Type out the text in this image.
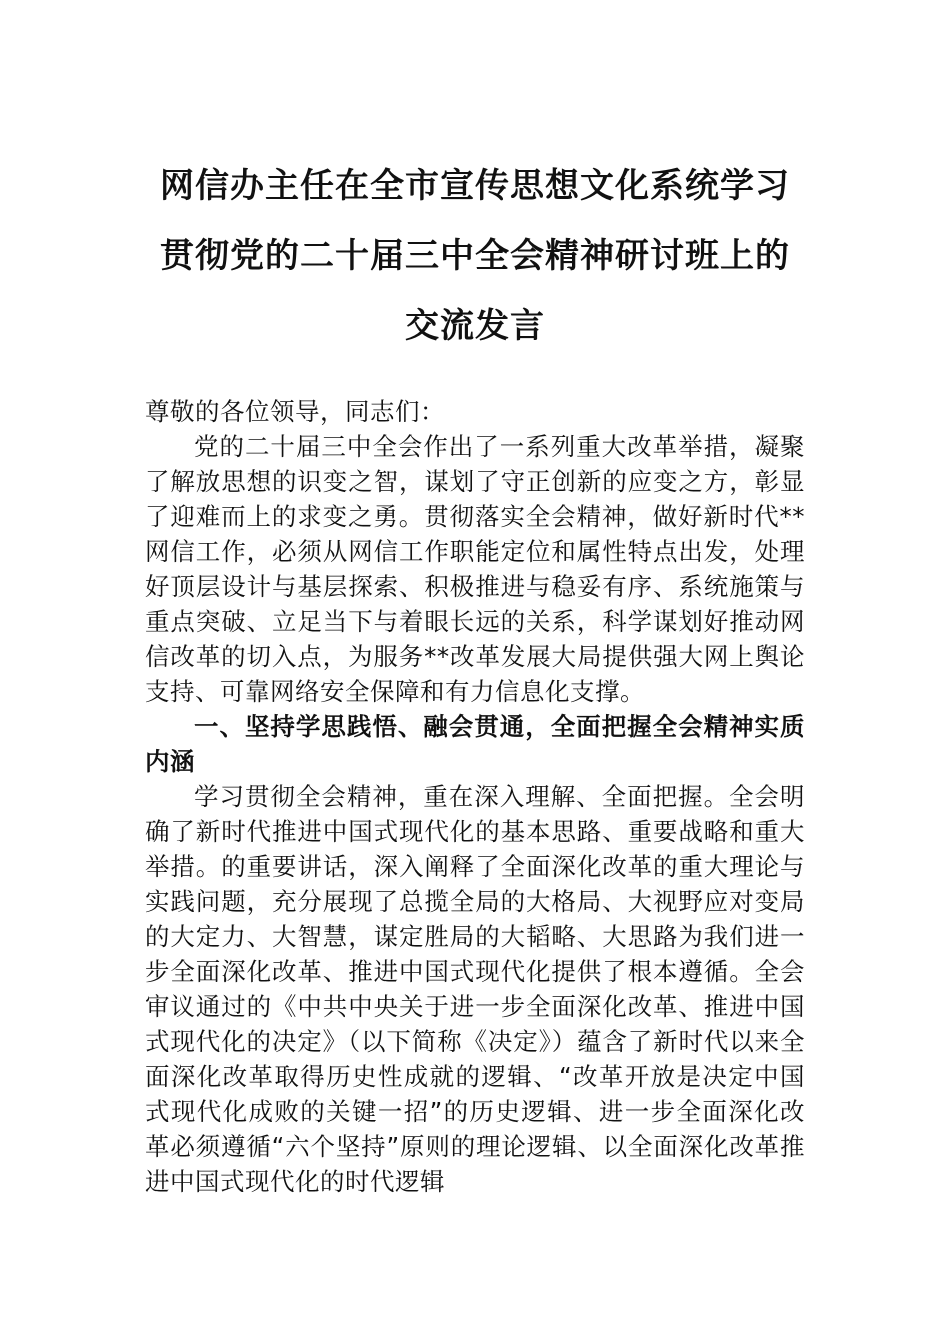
网信办主任在全市宣传思想文化系统学习
贯彻党的二十届三中全会精神研讨班上的
交流发言

尊敬的各位领导，同志们：

党的二十届三中全会作出了一系列重大改革举措，凝聚了解放思想的识变之智，谋划了守正创新的应变之方，彰显了迎难而上的求变之勇。贯彻落实全会精神，做好新时代**网信工作，必须从网信工作职能定位和属性特点出发，处理好顶层设计与基层探索、积极推进与稳妥有序、系统施策与重点突破、立足当下与着眼长远的关系，科学谋划好推动网信改革的切入点，为服务**改革发展大局提供强大网上舆论支持、可靠网络安全保障和有力信息化支撑。

一、坚持学思践悟、融会贯通，全面把握全会精神实质内涵

学习贯彻全会精神，重在深入理解、全面把握。全会明确了新时代推进中国式现代化的基本思路、重要战略和重大举措。的重要讲话，深入阐释了全面深化改革的重大理论与实践问题，充分展现了总揽全局的大格局、大视野应对变局的大定力、大智慧，谋定胜局的大韬略、大思路为我们进一步全面深化改革、推进中国式现代化提供了根本遵循。全会审议通过的《中共中央关于进一步全面深化改革、推进中国式现代化的决定》（以下简称《决定》）蕴含了新时代以来全面深化改革取得历史性成就的逻辑、“改革开放是决定中国式现代化成败的关键一招”的历史逻辑、进一步全面深化改革必须遵循“六个坚持”原则的理论逻辑、以全面深化改革推进中国式现代化的时代逻辑
